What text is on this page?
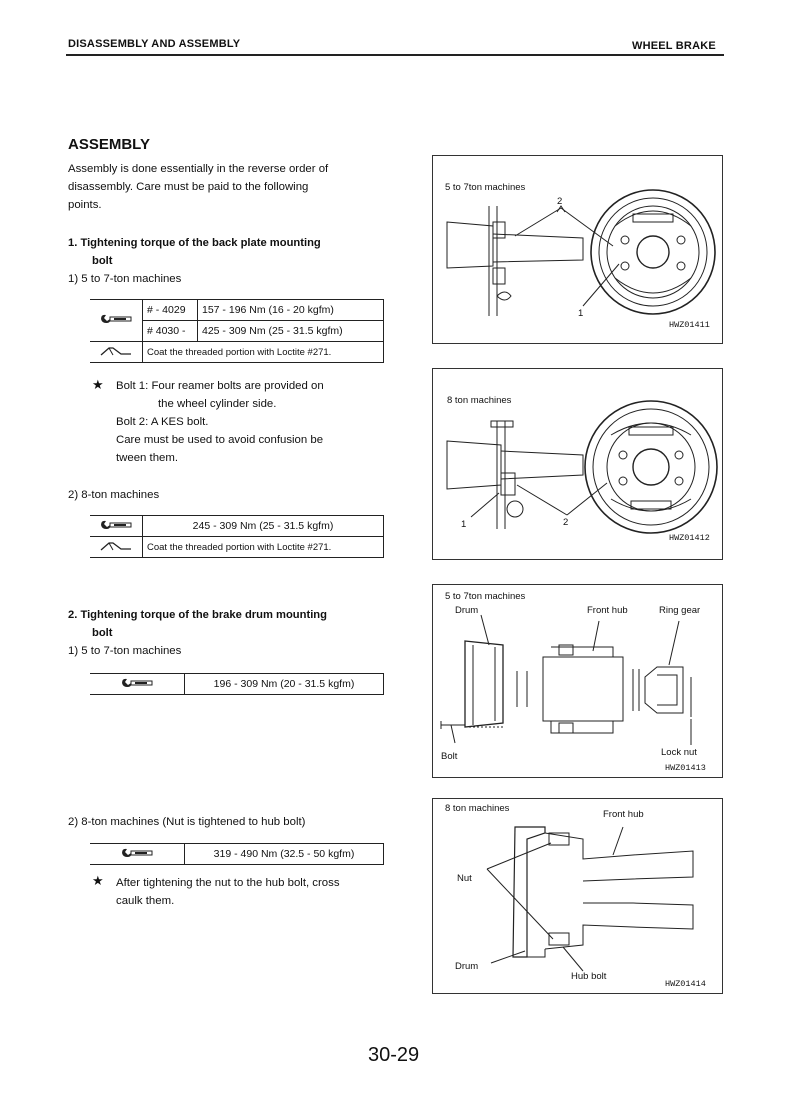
DISASSEMBLY AND ASSEMBLY	WHEEL BRAKE
ASSEMBLY
Assembly is done essentially in the reverse order of
disassembly. Care must be paid to the following
points.
1. Tightening torque of the back plate mounting
bolt
1) 5 to 7-ton machines
	# - 4029	157 - 196 Nm (16 - 20 kgfm)
	# 4030 -	425 - 309 Nm (25 - 31.5 kgfm)
	Coat the threaded portion with Loctite #271.	
★ Bolt 1: Four reamer bolts are provided on
the wheel cylinder side.
Bolt 2: A KES bolt.
Care must be used to avoid confusion be
tween them.
2) 8-ton machines
	245 - 309 Nm (25 - 31.5 kgfm)
	Coat the threaded portion with Loctite #271.
2. Tightening torque of the brake drum mounting
bolt
1) 5 to 7-ton machines
	196 - 309 Nm (20 - 31.5 kgfm)
2) 8-ton machines (Nut is tightened to hub bolt)
	319 - 490 Nm (32.5 - 50 kgfm)
★ After tightening the nut to the hub bolt, cross
caulk them.
5 to 7ton machines
2
1
HWZ01411
8 ton machines
1	2
HWZ01412
5 to 7ton machines
Drum	Front hub	Ring gear
Bolt	Lock nut
HWZ01413
8 ton machines
Front hub
Nut
Drum
Hub bolt
HWZ01414
30-29
